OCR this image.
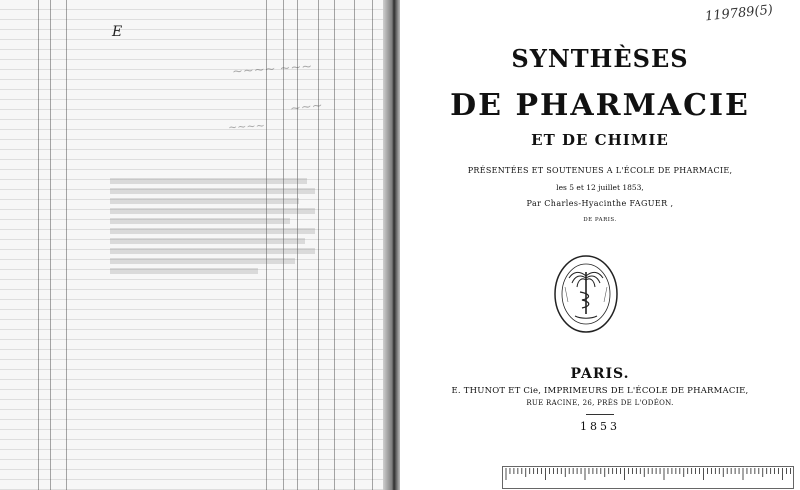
~~~~ ~~~
~~~
~~~~
SYNTHÈSES
DE PHARMACIE
ET DE CHIMIE
PRÉSENTÉES ET SOUTENUES A L'ÉCOLE DE PHARMACIE,
les 5 et 12 juillet 1853,
Par Charles-Hyacinthe FAGUER ,
DE PARIS.
PARIS.
E. THUNOT ET Cie, IMPRIMEURS DE L'ÉCOLE DE PHARMACIE,
RUE RACINE, 26, PRÈS DE L'ODÉON.
1853
E
119789(5)
